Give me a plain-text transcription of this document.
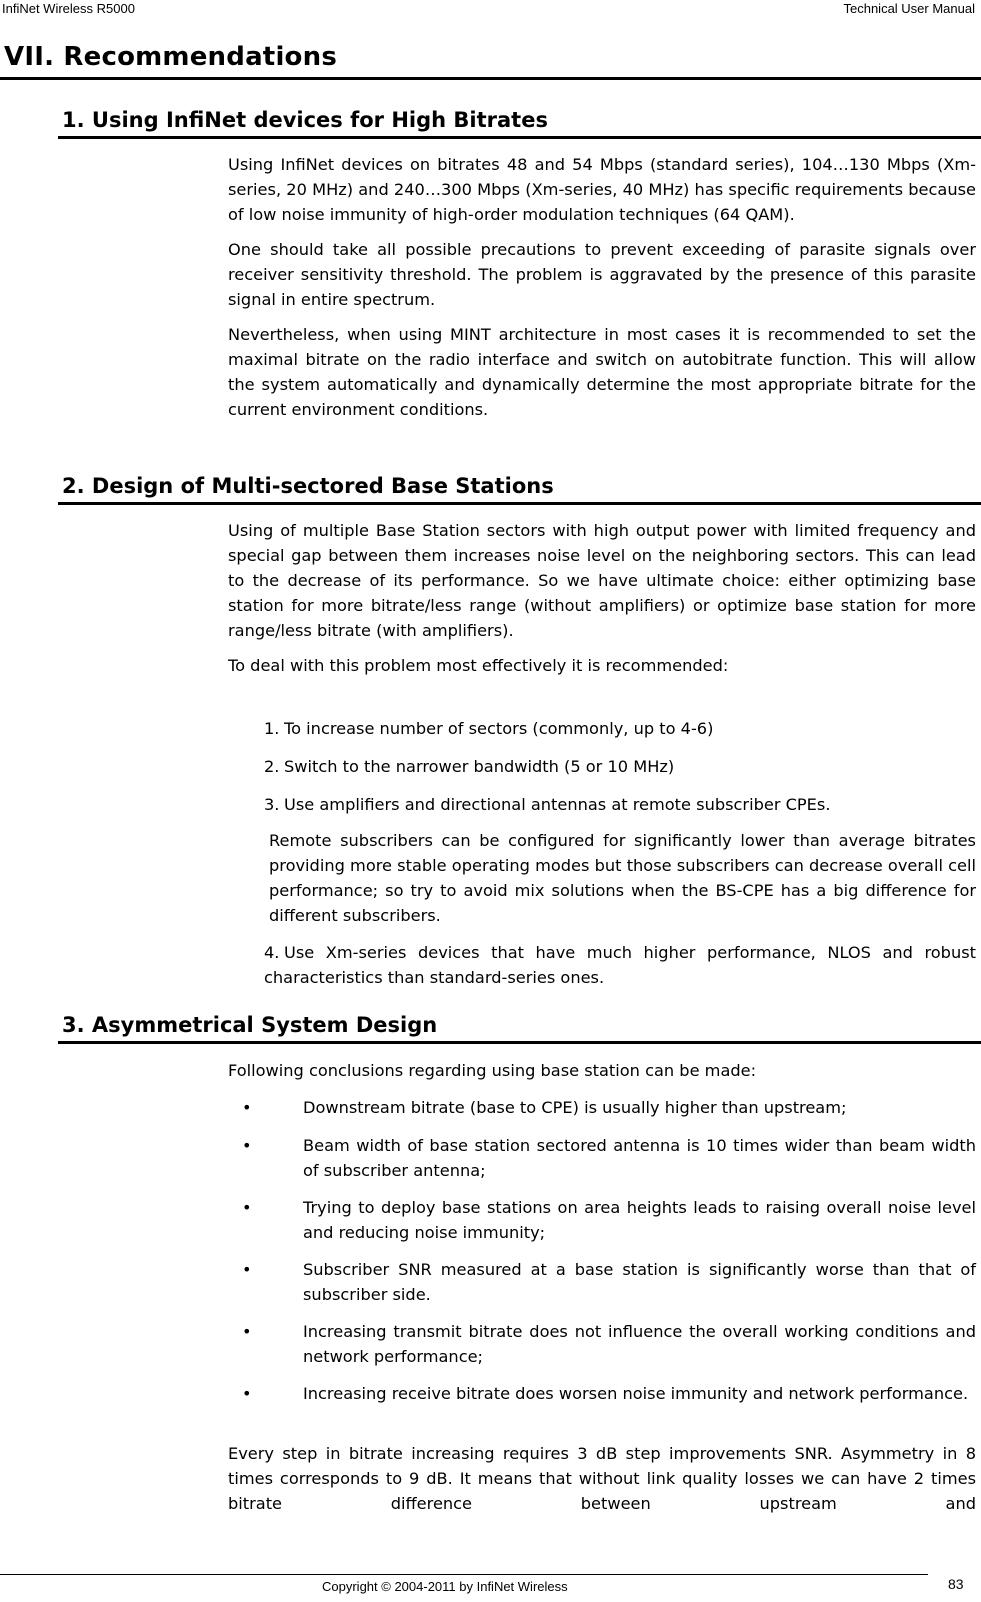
InfiNet Wireless R5000	Technical User Manual
VII. Recommendations
1. Using InfiNet devices for High Bitrates

Using InfiNet devices on bitrates 48 and 54 Mbps (standard series), 104…130 Mbps (Xm-series, 20 MHz) and 240…300 Mbps (Xm-series, 40 MHz) has specific requirements because of low noise immunity of high-order modulation techniques (64 QAM).

One should take all possible precautions to prevent exceeding of parasite signals over receiver sensitivity threshold. The problem is aggravated by the presence of this parasite signal in entire spectrum.

Nevertheless, when using MINT architecture in most cases it is recommended to set the maximal bitrate on the radio interface and switch on autobitrate function. This will allow the system automatically and dynamically determine the most appropriate bitrate for the current environment conditions.

2. Design of Multi-sectored Base Stations

Using of multiple Base Station sectors with high output power with limited frequency and special gap between them increases noise level on the neighboring sectors. This can lead to the decrease of its performance. So we have ultimate choice: either optimizing base station for more bitrate/less range (without amplifiers) or optimize base station for more range/less bitrate (with amplifiers).

To deal with this problem most effectively it is recommended:

1. To increase number of sectors (commonly, up to 4-6)
2. Switch to the narrower bandwidth (5 or 10 MHz)
3. Use amplifiers and directional antennas at remote subscriber CPEs.
Remote subscribers can be configured for significantly lower than average bitrates providing more stable operating modes but those subscribers can decrease overall cell performance; so try to avoid mix solutions when the BS-CPE has a big difference for different subscribers.
4. Use Xm-series devices that have much higher performance, NLOS and robust characteristics than standard-series ones.
3. Asymmetrical System Design

Following conclusions regarding using base station can be made:

•	Downstream bitrate (base to CPE) is usually higher than upstream;
•	Beam width of base station sectored antenna is 10 times wider than beam width of subscriber antenna;
•	Trying to deploy base stations on area heights leads to raising overall noise level and reducing noise immunity;
•	Subscriber SNR measured at a base station is significantly worse than that of subscriber side.
•	Increasing transmit bitrate does not influence the overall working conditions and network performance;
•	Increasing receive bitrate does worsen noise immunity and network performance.

Every step in bitrate increasing requires 3 dB step improvements SNR. Asymmetry in 8 times corresponds to 9 dB. It means that without link quality losses we can have 2 times bitrate difference between upstream and

Copyright © 2004-2011 by InfiNet Wireless	83
